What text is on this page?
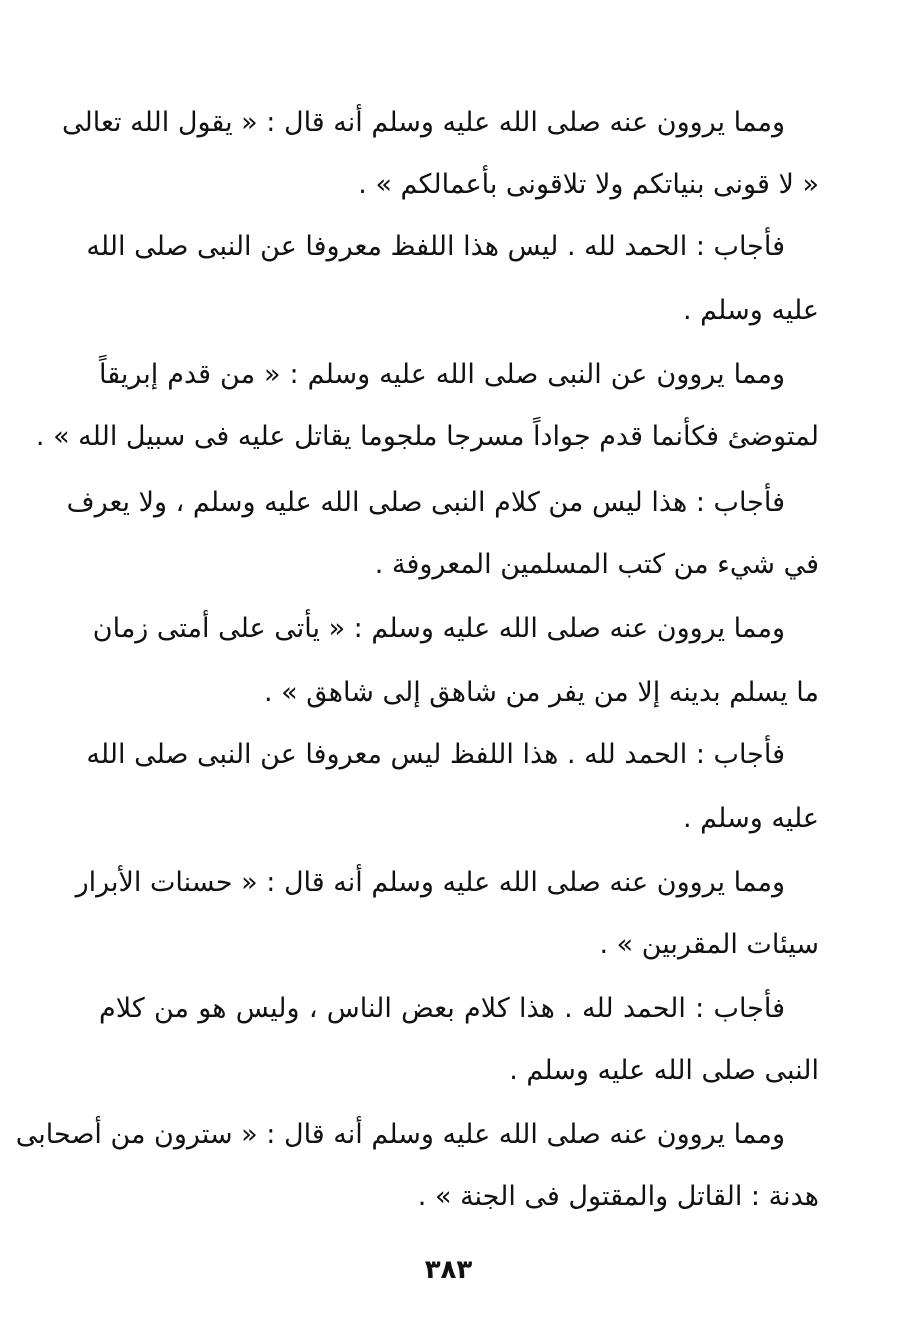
ومما يروون عنه صلى الله عليه وسلم أنه قال : « يقول الله تعالى
« لا قونى بنياتكم ولا تلاقونى بأعمالكم » .
فأجاب : الحمد لله . ليس هذا اللفظ معروفا عن النبى صلى الله
عليه وسلم .
ومما يروون عن النبى صلى الله عليه وسلم : « من قدم إبريقاً
لمتوضئ فكأنما قدم جواداً مسرجا ملجوما يقاتل عليه فى سبيل الله » .
فأجاب : هذا ليس من كلام النبى صلى الله عليه وسلم ، ولا يعرف
في شيء من كتب المسلمين المعروفة .
ومما يروون عنه صلى الله عليه وسلم : « يأتى على أمتى زمان
ما يسلم بدينه إلا من يفر من شاهق إلى شاهق » .
فأجاب : الحمد لله . هذا اللفظ ليس معروفا عن النبى صلى الله
عليه وسلم .
ومما يروون عنه صلى الله عليه وسلم أنه قال : « حسنات الأبرار
سيئات المقربين » .
فأجاب : الحمد لله . هذا كلام بعض الناس ، وليس هو من كلام
النبى صلى الله عليه وسلم .
ومما يروون عنه صلى الله عليه وسلم أنه قال : « سترون من أصحابى
هدنة : القاتل والمقتول فى الجنة » .
٣٨٣
